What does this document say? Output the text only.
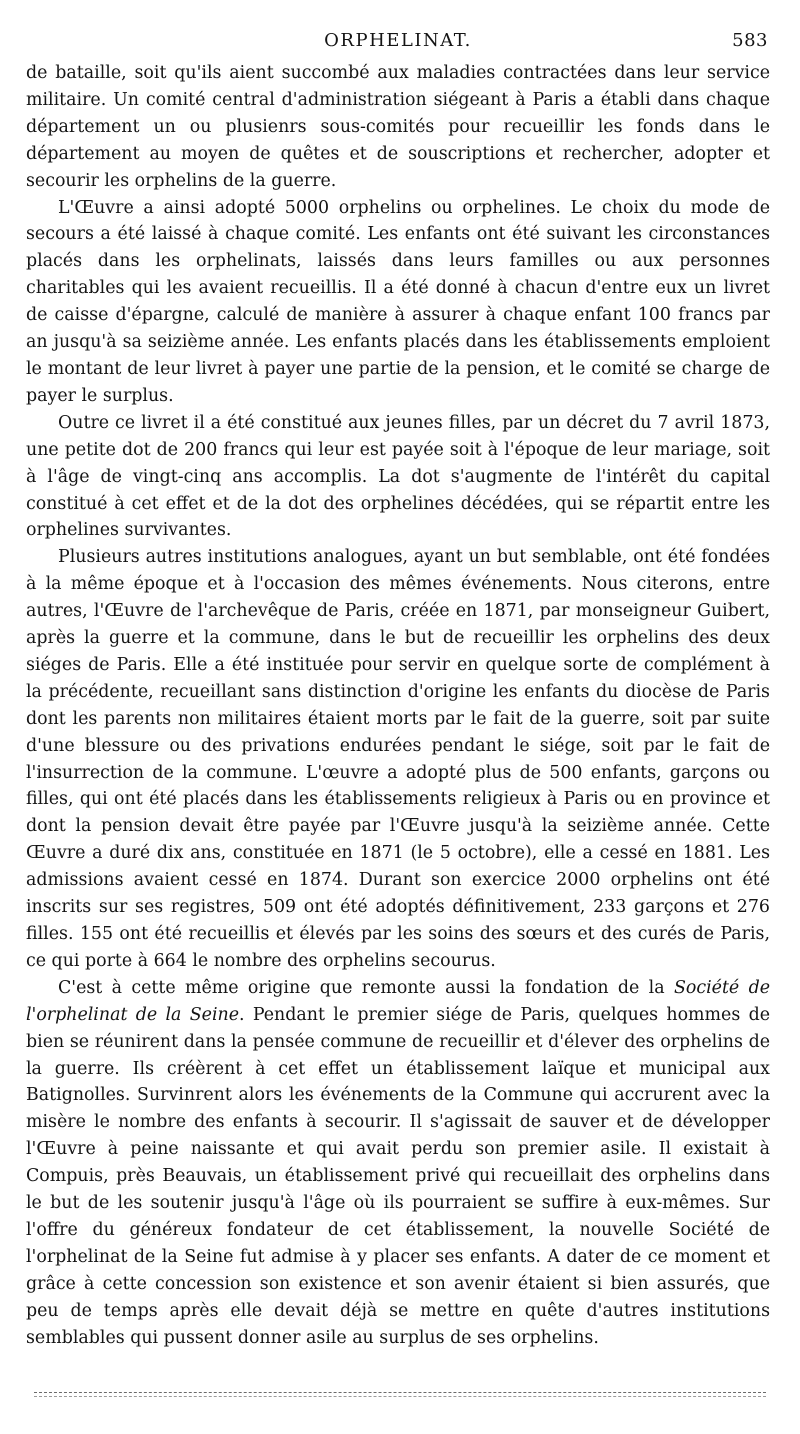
ORPHELINAT.	583

de bataille, soit qu'ils aient succombé aux maladies contractées dans leur service militaire. Un comité central d'administration siégeant à Paris a établi dans chaque département un ou plusienrs sous-comités pour recueillir les fonds dans le département au moyen de quêtes et de souscriptions et rechercher, adopter et secourir les orphelins de la guerre.

L'Œuvre a ainsi adopté 5000 orphelins ou orphelines. Le choix du mode de secours a été laissé à chaque comité. Les enfants ont été suivant les circonstances placés dans les orphelinats, laissés dans leurs familles ou aux personnes charitables qui les avaient recueillis. Il a été donné à chacun d'entre eux un livret de caisse d'épargne, calculé de manière à assurer à chaque enfant 100 francs par an jusqu'à sa seizième année. Les enfants placés dans les établissements emploient le montant de leur livret à payer une partie de la pension, et le comité se charge de payer le surplus.

Outre ce livret il a été constitué aux jeunes filles, par un décret du 7 avril 1873, une petite dot de 200 francs qui leur est payée soit à l'époque de leur mariage, soit à l'âge de vingt-cinq ans accomplis. La dot s'augmente de l'intérêt du capital constitué à cet effet et de la dot des orphelines décédées, qui se répartit entre les orphelines survivantes.

Plusieurs autres institutions analogues, ayant un but semblable, ont été fondées à la même époque et à l'occasion des mêmes événements. Nous citerons, entre autres, l'Œuvre de l'archevêque de Paris, créée en 1871, par monseigneur Guibert, après la guerre et la commune, dans le but de recueillir les orphelins des deux siéges de Paris. Elle a été instituée pour servir en quelque sorte de complément à la précédente, recueillant sans distinction d'origine les enfants du diocèse de Paris dont les parents non militaires étaient morts par le fait de la guerre, soit par suite d'une blessure ou des privations endurées pendant le siége, soit par le fait de l'insurrection de la commune. L'œuvre a adopté plus de 500 enfants, garçons ou filles, qui ont été placés dans les établissements religieux à Paris ou en province et dont la pension devait être payée par l'Œuvre jusqu'à la seizième année. Cette Œuvre a duré dix ans, constituée en 1871 (le 5 octobre), elle a cessé en 1881. Les admissions avaient cessé en 1874. Durant son exercice 2000 orphelins ont été inscrits sur ses registres, 509 ont été adoptés définitivement, 233 garçons et 276 filles. 155 ont été recueillis et élevés par les soins des sœurs et des curés de Paris, ce qui porte à 664 le nombre des orphelins secourus.

C'est à cette même origine que remonte aussi la fondation de la Société de l'orphelinat de la Seine. Pendant le premier siége de Paris, quelques hommes de bien se réunirent dans la pensée commune de recueillir et d'élever des orphelins de la guerre. Ils créèrent à cet effet un établissement laïque et municipal aux Batignolles. Survinrent alors les événements de la Commune qui accrurent avec la misère le nombre des enfants à secourir. Il s'agissait de sauver et de développer l'Œuvre à peine naissante et qui avait perdu son premier asile. Il existait à Compuis, près Beauvais, un établissement privé qui recueillait des orphelins dans le but de les soutenir jusqu'à l'âge où ils pourraient se suffire à eux-mêmes. Sur l'offre du généreux fondateur de cet établissement, la nouvelle Société de l'orphelinat de la Seine fut admise à y placer ses enfants. A dater de ce moment et grâce à cette concession son existence et son avenir étaient si bien assurés, que peu de temps après elle devait déjà se mettre en quête d'autres institutions semblables qui pussent donner asile au surplus de ses orphelins.
